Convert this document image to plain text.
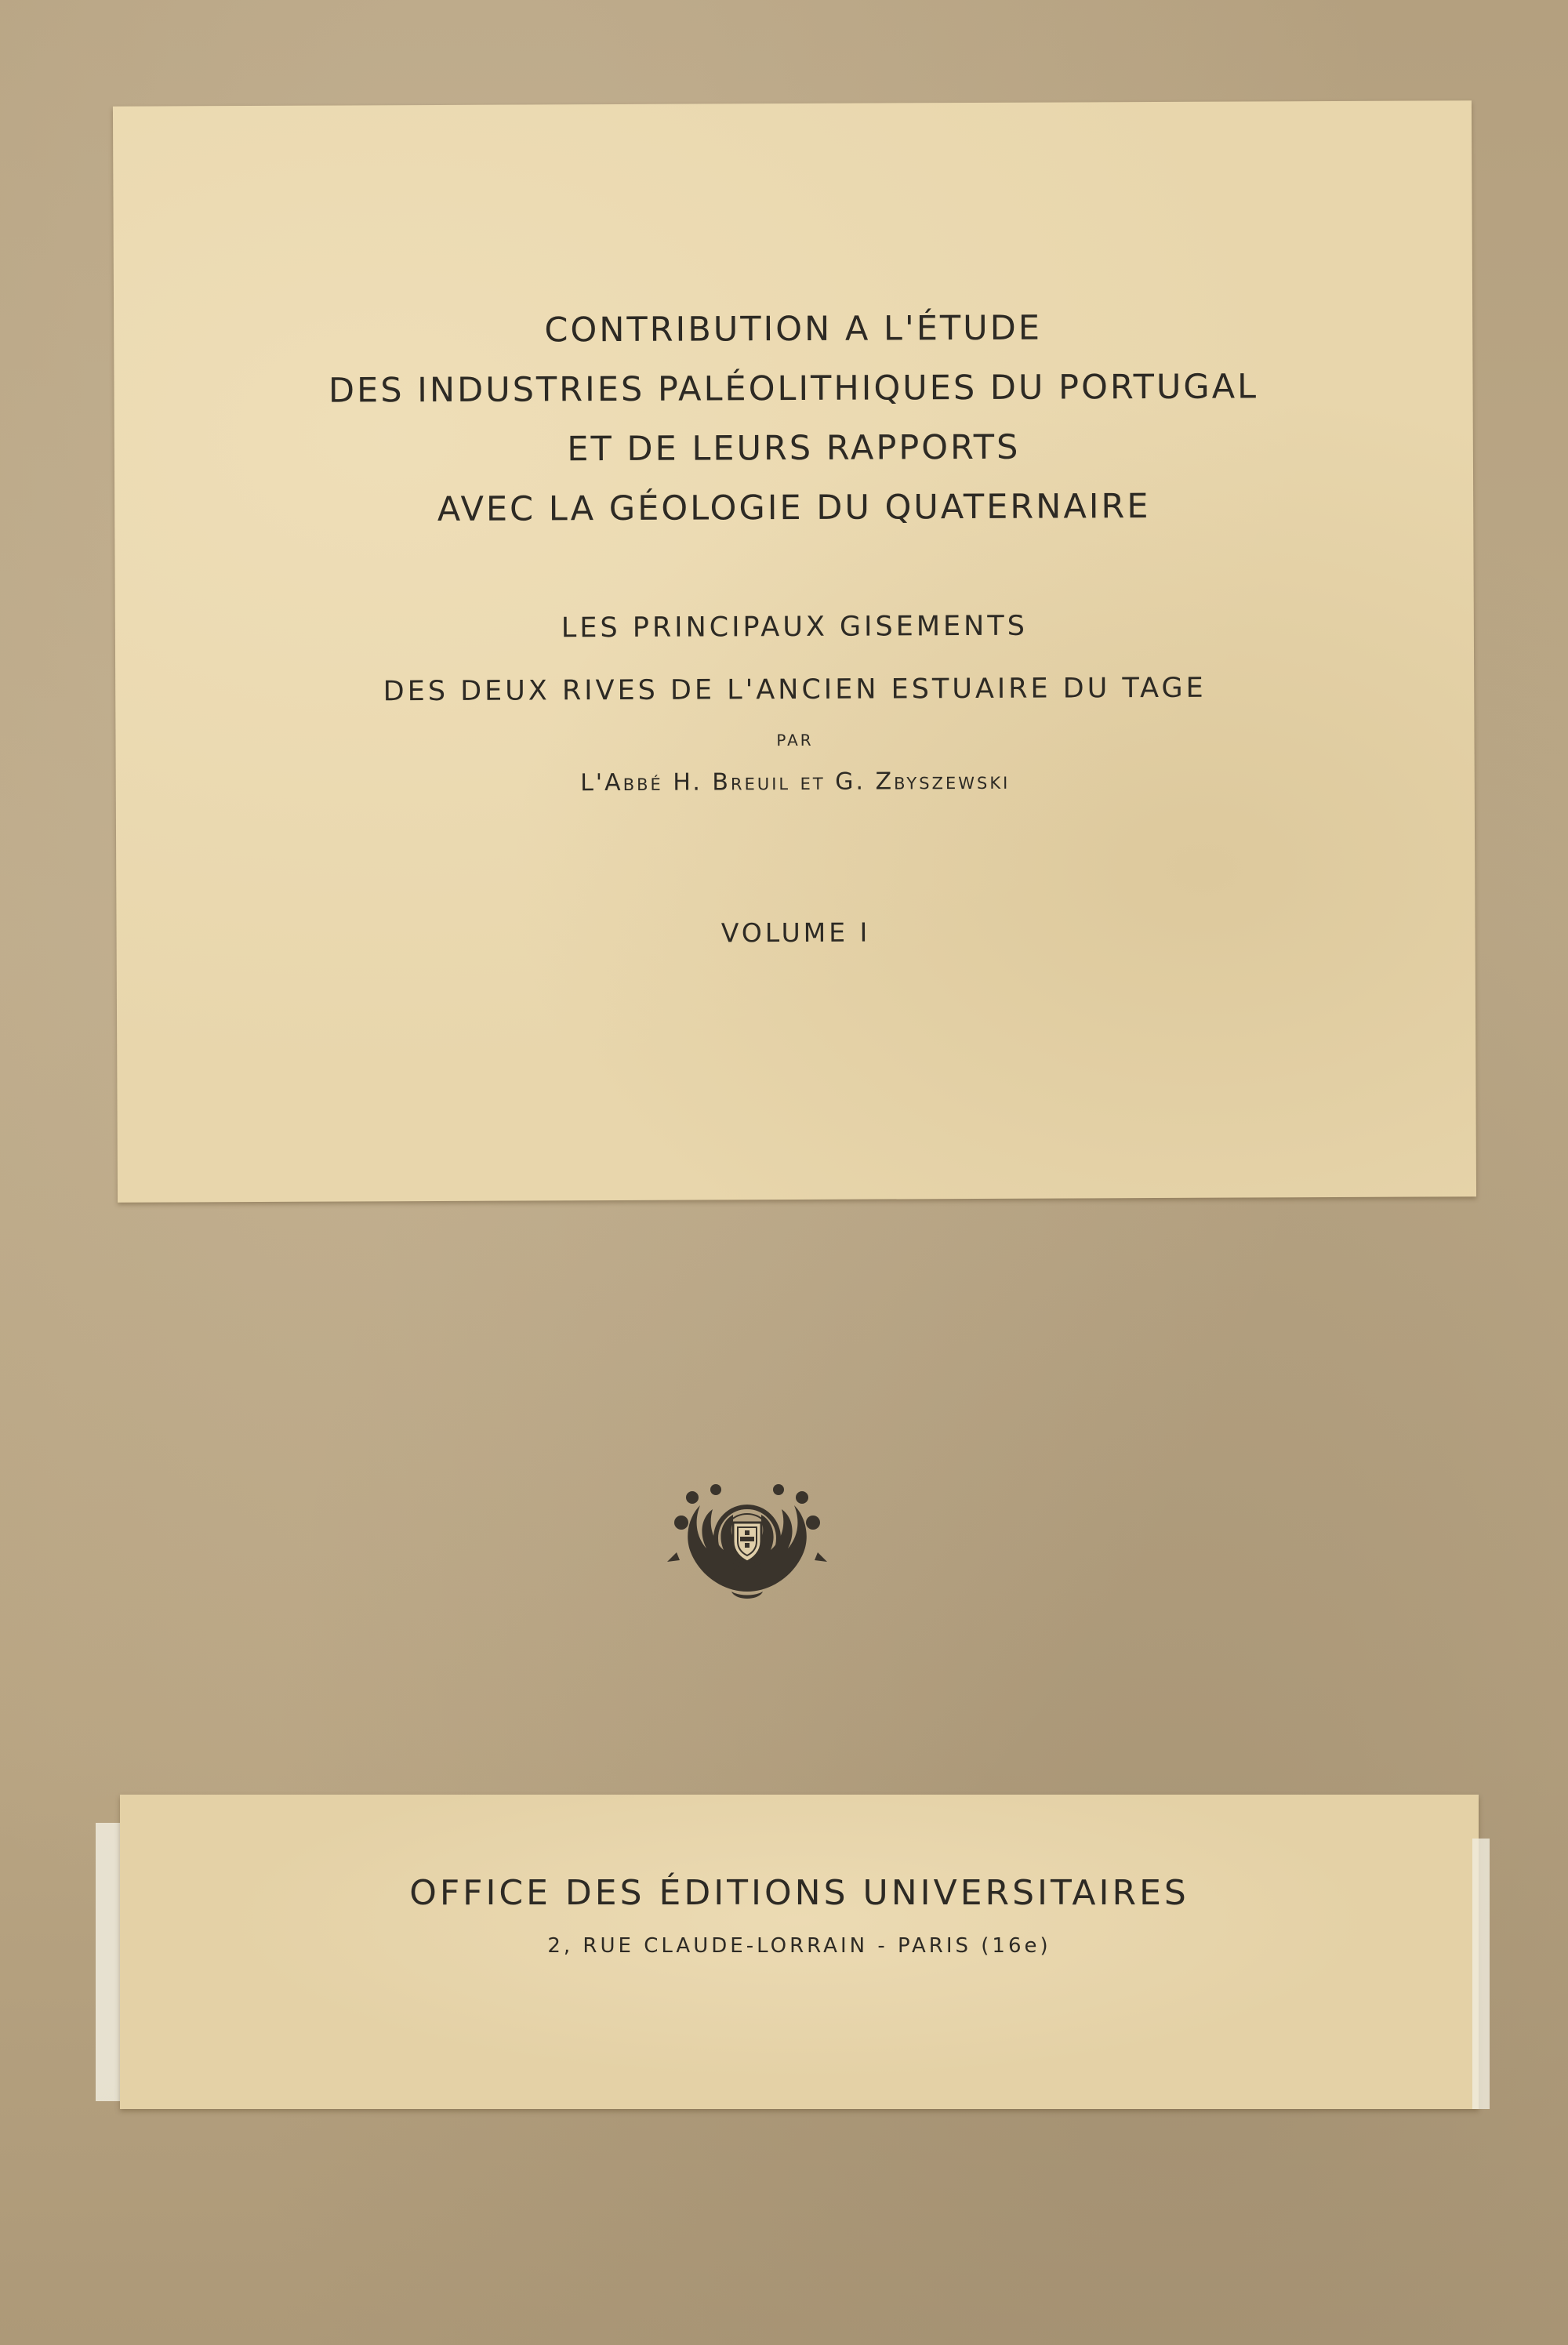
CONTRIBUTION A L'ÉTUDE

DES INDUSTRIES PALÉOLITHIQUES DU PORTUGAL

ET DE LEURS RAPPORTS

AVEC LA GÉOLOGIE DU QUATERNAIRE

LES PRINCIPAUX GISEMENTS

DES DEUX RIVES DE L'ANCIEN ESTUAIRE DU TAGE

PAR

L'Abbé H. Breuil et G. Zbyszewski

VOLUME I

OFFICE DES ÉDITIONS UNIVERSITAIRES

2, RUE CLAUDE-LORRAIN - PARIS (16e)
